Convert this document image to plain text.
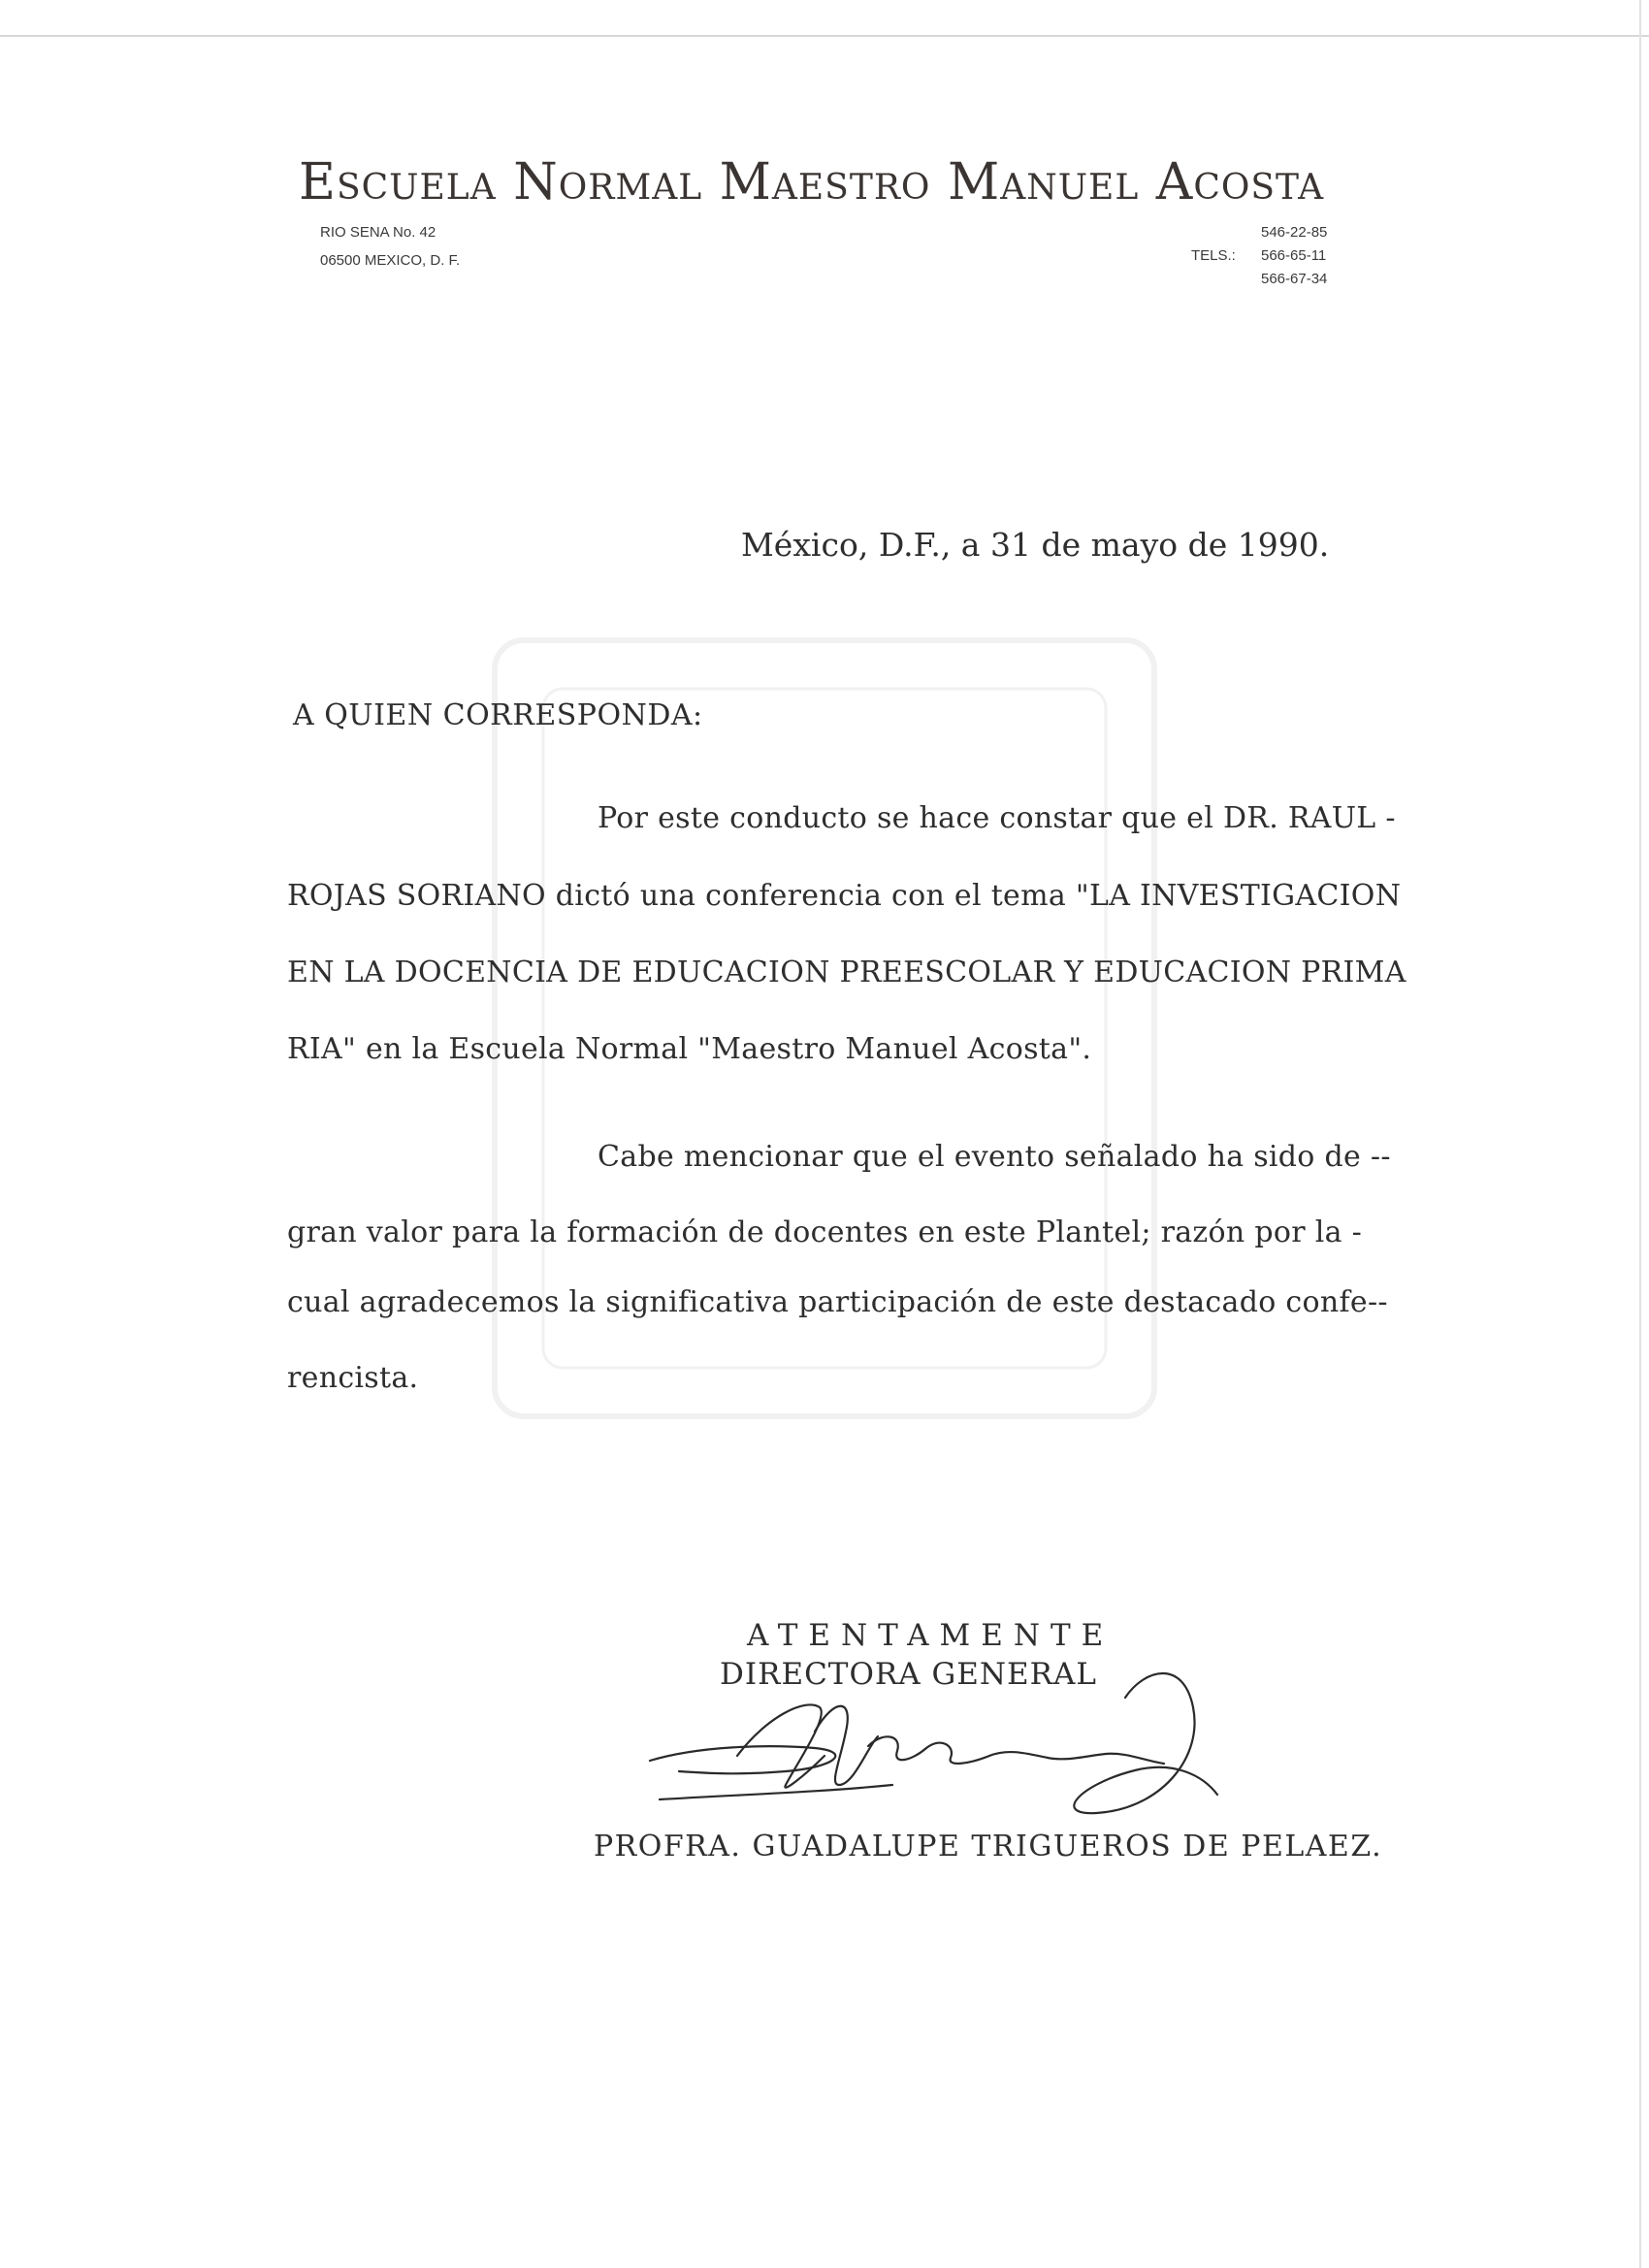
Escuela Normal Maestro Manuel Acosta
RIO SENA No. 42
06500 MEXICO, D. F.	TELS.:
546-22-85
566-65-11
566-67-34
México, D.F., a 31 de mayo de 1990.
A QUIEN CORRESPONDA:
Por este conducto se hace constar que el DR. RAUL -
ROJAS SORIANO dictó una conferencia con el tema "LA INVESTIGACION
EN LA DOCENCIA DE EDUCACION PREESCOLAR Y EDUCACION PRIMA
RIA" en la Escuela Normal "Maestro Manuel Acosta".
Cabe mencionar que el evento señalado ha sido de --
gran valor para la formación de docentes en este Plantel; razón por la -
cual agradecemos la significativa participación de este destacado confe--
rencista.
ATENTAMENTE
DIRECTORA GENERAL
PROFRA. GUADALUPE TRIGUEROS DE PELAEZ.
